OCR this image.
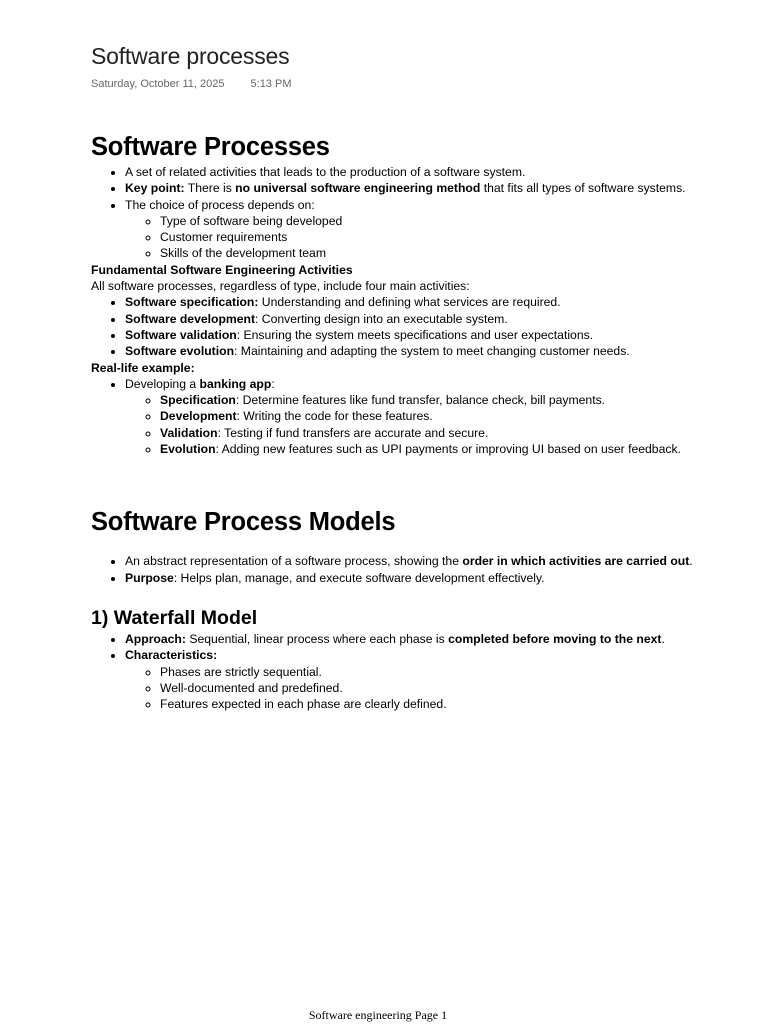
Software processes
Saturday, October 11, 2025 5:13 PM
Software Processes
• A set of related activities that leads to the production of a software system.
• Key point: There is no universal software engineering method that fits all types of software systems.
• The choice of process depends on:
◦ Type of software being developed
◦ Customer requirements
◦ Skills of the development team

Fundamental Software Engineering Activities

All software processes, regardless of type, include four main activities:

• Software specification: Understanding and defining what services are required.
• Software development: Converting design into an executable system.
• Software validation: Ensuring the system meets specifications and user expectations.
• Software evolution: Maintaining and adapting the system to meet changing customer needs.

Real-life example:

• Developing a banking app:
◦ Specification: Determine features like fund transfer, balance check, bill payments.
◦ Development: Writing the code for these features.
◦ Validation: Testing if fund transfers are accurate and secure.
◦ Evolution: Adding new features such as UPI payments or improving UI based on user feedback.
Software Process Models
• An abstract representation of a software process, showing the order in which activities are carried out.
• Purpose: Helps plan, manage, and execute software development effectively.
1) Waterfall Model
• Approach: Sequential, linear process where each phase is completed before moving to the next.
• Characteristics:
◦ Phases are strictly sequential.
◦ Well-documented and predefined.
◦ Features expected in each phase are clearly defined.
Software engineering Page 1
